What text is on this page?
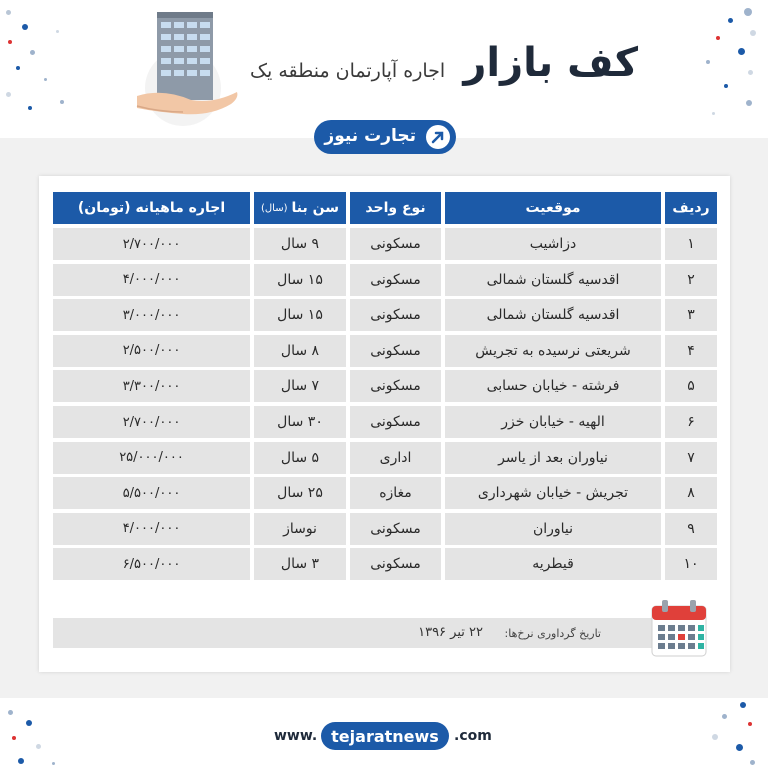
کف بازار
اجاره آپارتمان منطقه یک
تجارت نیوز
ردیف
موقعیت
نوع واحد
سن بنا
(سال)
اجاره ماهیانه (تومان)
۱
دزاشیب
مسکونی
۹ سال
۲/۷۰۰/۰۰۰
۲
اقدسیه گلستان شمالی
مسکونی
۱۵ سال
۴/۰۰۰/۰۰۰
۳
اقدسیه گلستان شمالی
مسکونی
۱۵ سال
۳/۰۰۰/۰۰۰
۴
شریعتی نرسیده به تجریش
مسکونی
۸ سال
۲/۵۰۰/۰۰۰
۵
فرشته - خیابان حسابی
مسکونی
۷ سال
۳/۳۰۰/۰۰۰
۶
الهیه - خیابان خزر
مسکونی
۳۰ سال
۲/۷۰۰/۰۰۰
۷
نیاوران بعد از یاسر
اداری
۵ سال
۲۵/۰۰۰/۰۰۰
۸
تجریش - خیابان شهرداری
مغازه
۲۵ سال
۵/۵۰۰/۰۰۰
۹
نیاوران
مسکونی
نوساز
۴/۰۰۰/۰۰۰
۱۰
قیطریه
مسکونی
۳ سال
۶/۵۰۰/۰۰۰
تاریخ گرداوری نرخ‌ها:
۲۲ تیر ۱۳۹۶
www. tejaratnews	.com
